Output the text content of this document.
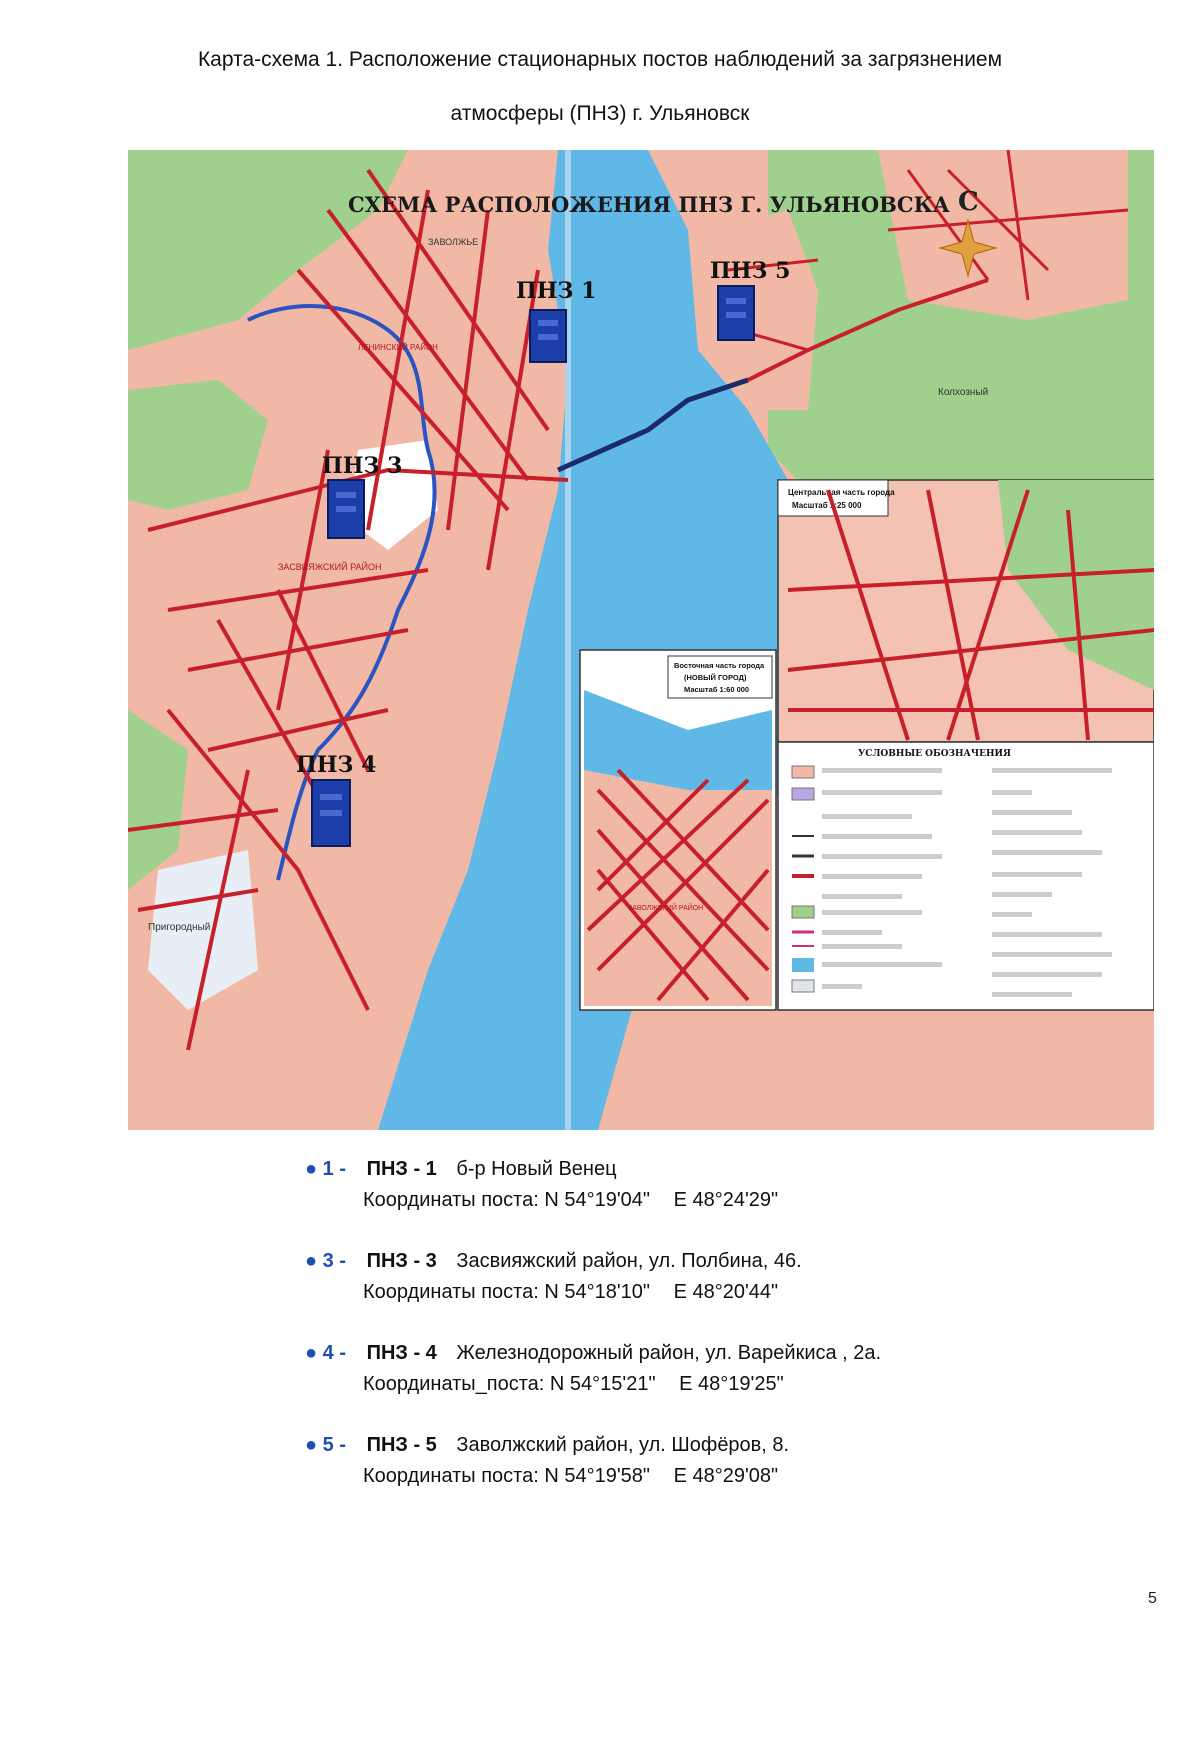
Карта-схема 1. Расположение стационарных постов наблюдений за загрязнением
атмосферы (ПНЗ) г. Ульяновск
СХЕМА РАСПОЛОЖЕНИЯ ПНЗ Г. УЛЬЯНОВСКА С
ЗАВОЛЖЬЕ
Колхозный
Пригородный
ЗАСВИЯЖСКИЙ РАЙОН
ЛЕНИНСКИЙ РАЙОН
ПНЗ 1
ПНЗ 3
ПНЗ 4
ПНЗ 5
Центральная часть города
Масштаб 1:25 000
Восточная часть города
(НОВЫЙ ГОРОД)
Масштаб 1:60 000
ЗАВОЛЖСКИЙ РАЙОН
УСЛОВНЫЕ ОБОЗНАЧЕНИЯ
● 1 - ПНЗ - 1 б-р Новый Венец
Координаты поста: N 54°19'04" E 48°24'29"
● 3 - ПНЗ - 3 Засвияжский район, ул. Полбина, 46.
Координаты поста: N 54°18'10" E 48°20'44"
● 4 - ПНЗ - 4 Железнодорожный район, ул. Варейкиса , 2а.
Координаты_поста: N 54°15'21" E 48°19'25"
● 5 - ПНЗ - 5 Заволжский район, ул. Шофёров, 8.
Координаты поста: N 54°19'58" E 48°29'08"
5
